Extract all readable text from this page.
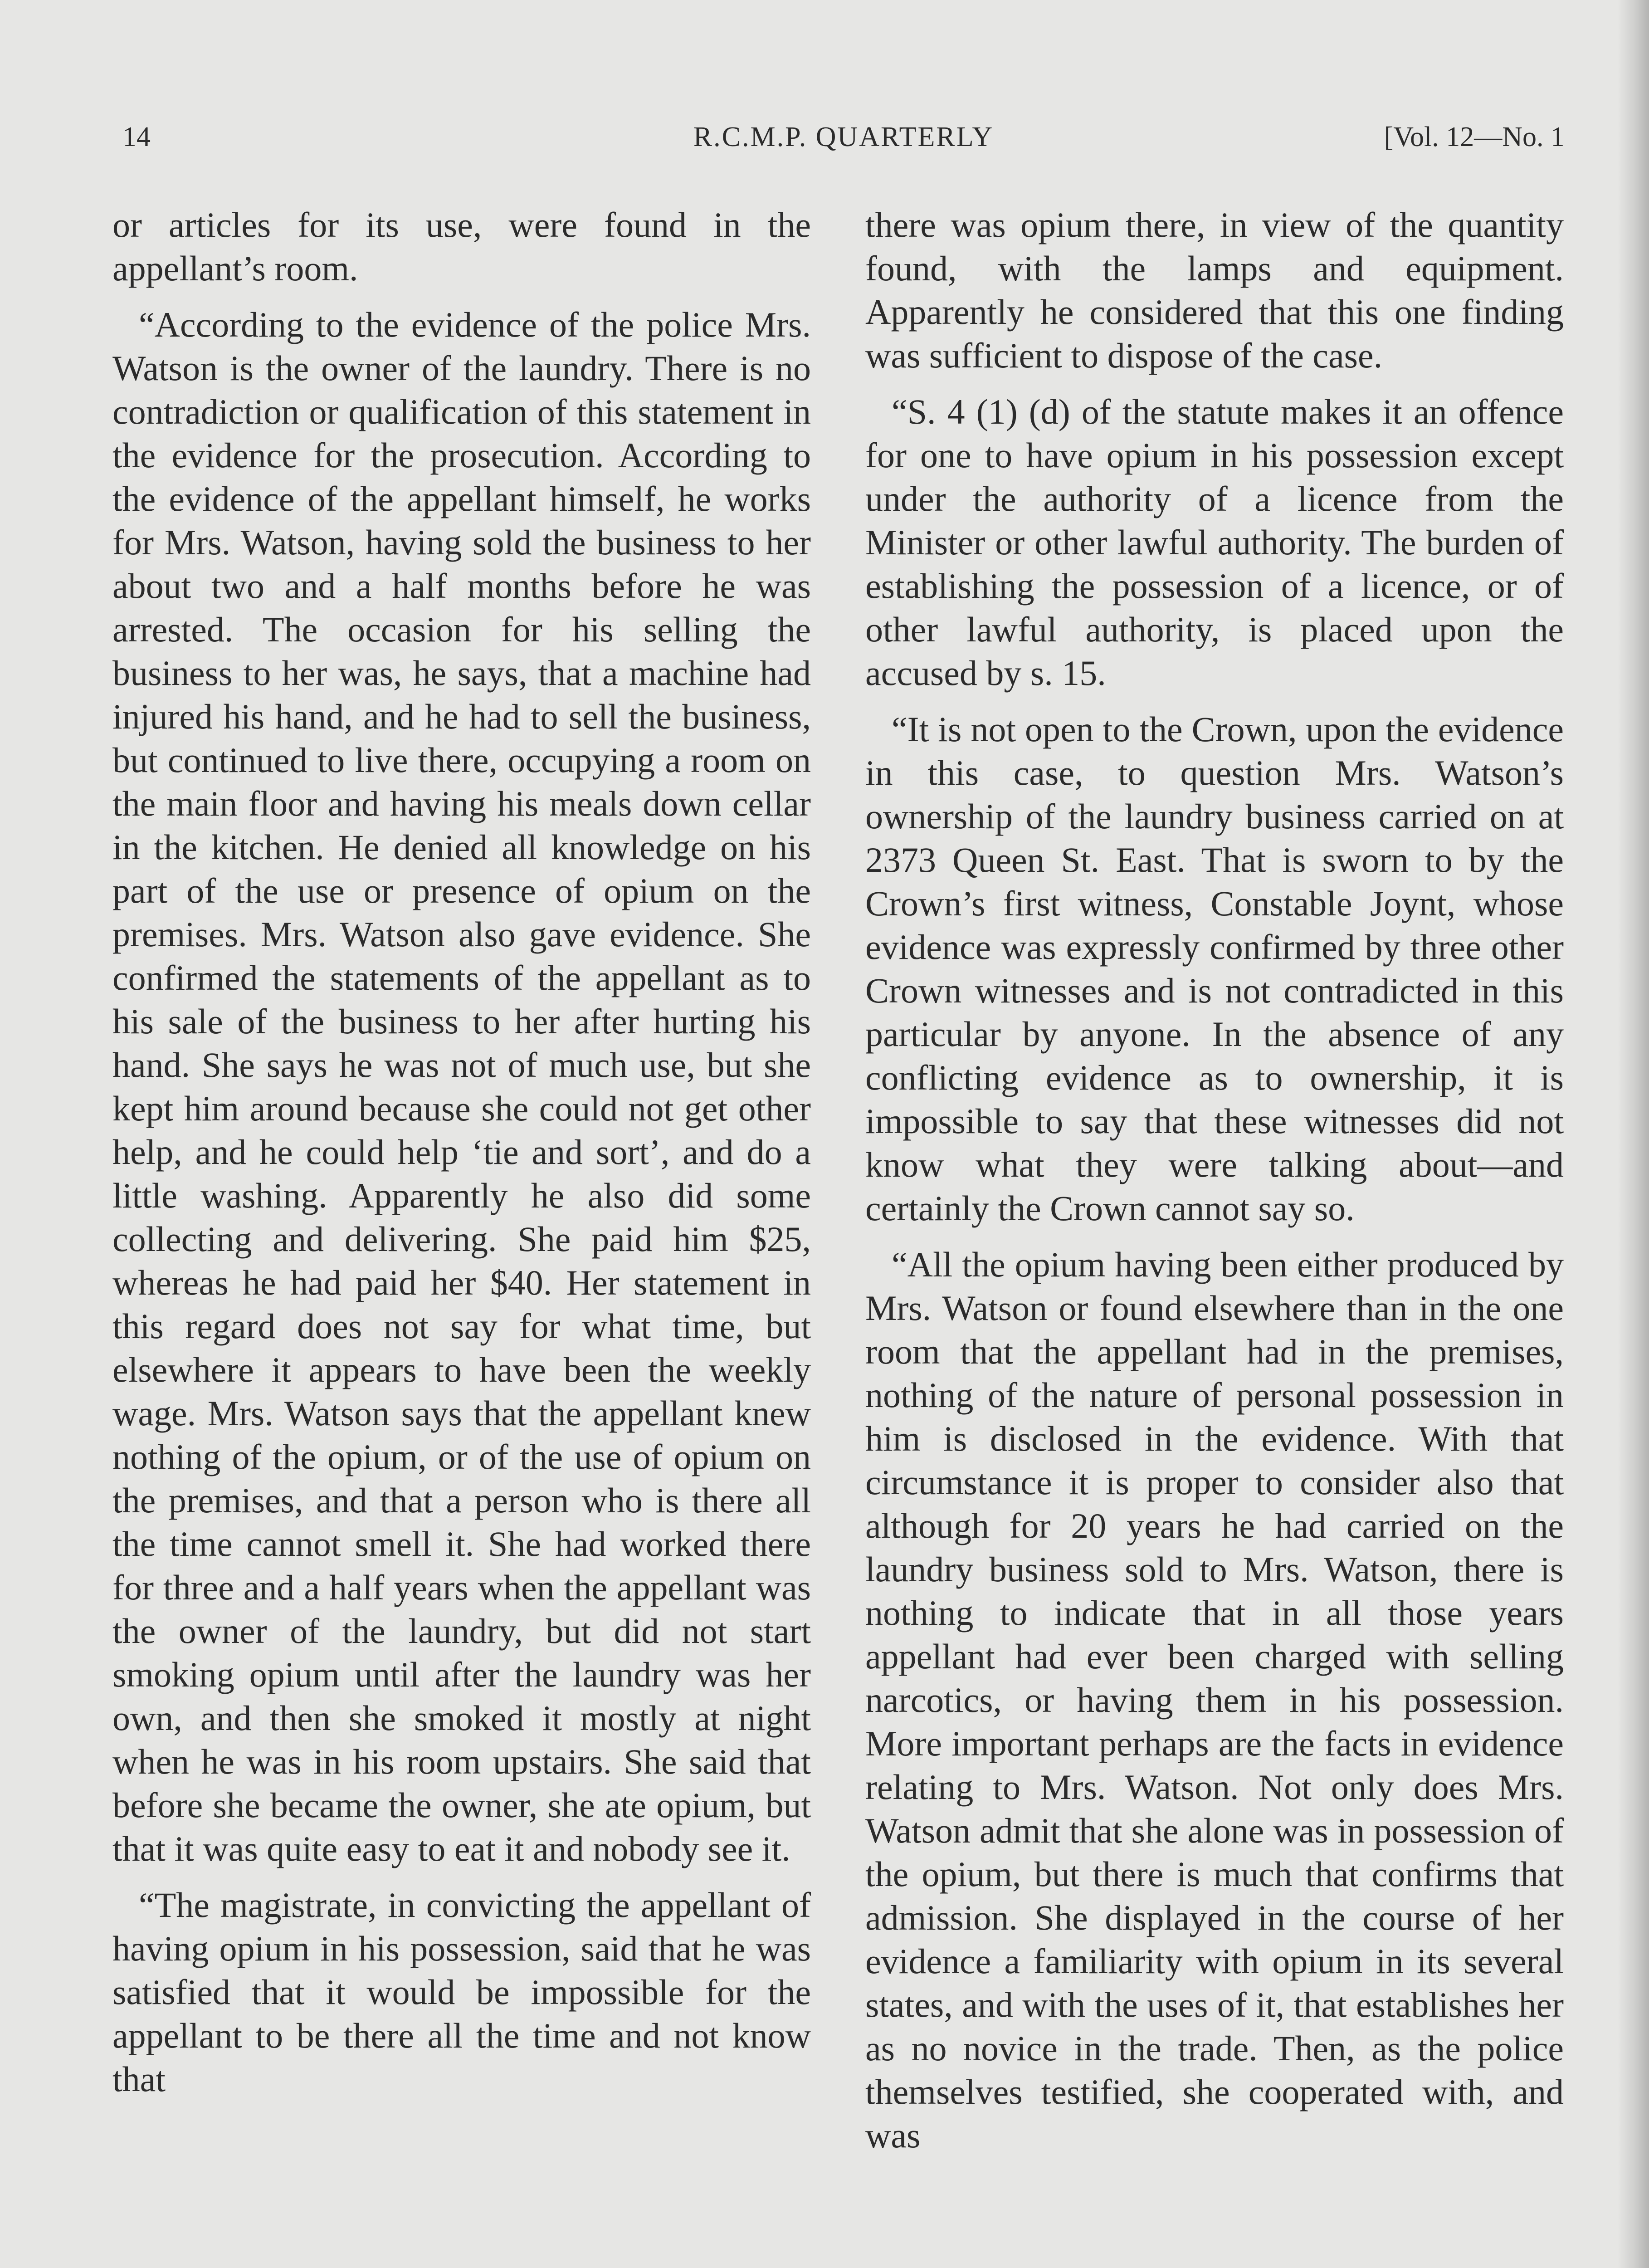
R.C.M.P. QUARTERLY
14	[Vol. 12—No. 1

or articles for its use, were found in the appellant’s room.

“According to the evidence of the police Mrs. Watson is the owner of the laundry. There is no contradiction or qualification of this statement in the evidence for the prosecution. According to the evidence of the appellant himself, he works for Mrs. Watson, having sold the business to her about two and a half months before he was arrested. The occasion for his selling the business to her was, he says, that a machine had injured his hand, and he had to sell the business, but continued to live there, occupying a room on the main floor and having his meals down cellar in the kitchen. He denied all knowledge on his part of the use or presence of opium on the premises. Mrs. Watson also gave evidence. She confirmed the statements of the appellant as to his sale of the business to her after hurting his hand. She says he was not of much use, but she kept him around because she could not get other help, and he could help ‘tie and sort’, and do a little washing. Apparently he also did some collecting and delivering. She paid him $25, whereas he had paid her $40. Her statement in this regard does not say for what time, but elsewhere it appears to have been the weekly wage. Mrs. Watson says that the appellant knew nothing of the opium, or of the use of opium on the premises, and that a person who is there all the time cannot smell it. She had worked there for three and a half years when the appellant was the owner of the laundry, but did not start smoking opium until after the laundry was her own, and then she smoked it mostly at night when he was in his room upstairs. She said that before she became the owner, she ate opium, but that it was quite easy to eat it and nobody see it.

“The magistrate, in convicting the appellant of having opium in his possession, said that he was satisfied that it would be impossible for the appellant to be there all the time and not know that

there was opium there, in view of the quantity found, with the lamps and equipment. Apparently he considered that this one finding was sufficient to dispose of the case.

“S. 4 (1) (d) of the statute makes it an offence for one to have opium in his possession except under the authority of a licence from the Minister or other lawful authority. The burden of establishing the possession of a licence, or of other lawful authority, is placed upon the accused by s. 15.

“It is not open to the Crown, upon the evidence in this case, to question Mrs. Watson’s ownership of the laundry business carried on at 2373 Queen St. East. That is sworn to by the Crown’s first witness, Constable Joynt, whose evidence was expressly confirmed by three other Crown witnesses and is not contradicted in this particular by anyone. In the absence of any conflicting evidence as to ownership, it is impossible to say that these witnesses did not know what they were talking about—and certainly the Crown cannot say so.

“All the opium having been either produced by Mrs. Watson or found elsewhere than in the one room that the appellant had in the premises, nothing of the nature of personal possession in him is disclosed in the evidence. With that circumstance it is proper to consider also that although for 20 years he had carried on the laundry business sold to Mrs. Watson, there is nothing to indicate that in all those years appellant had ever been charged with selling narcotics, or having them in his possession. More important perhaps are the facts in evidence relating to Mrs. Watson. Not only does Mrs. Watson admit that she alone was in possession of the opium, but there is much that confirms that admission. She displayed in the course of her evidence a familiarity with opium in its several states, and with the uses of it, that establishes her as no novice in the trade. Then, as the police themselves testified, she cooperated with, and was
